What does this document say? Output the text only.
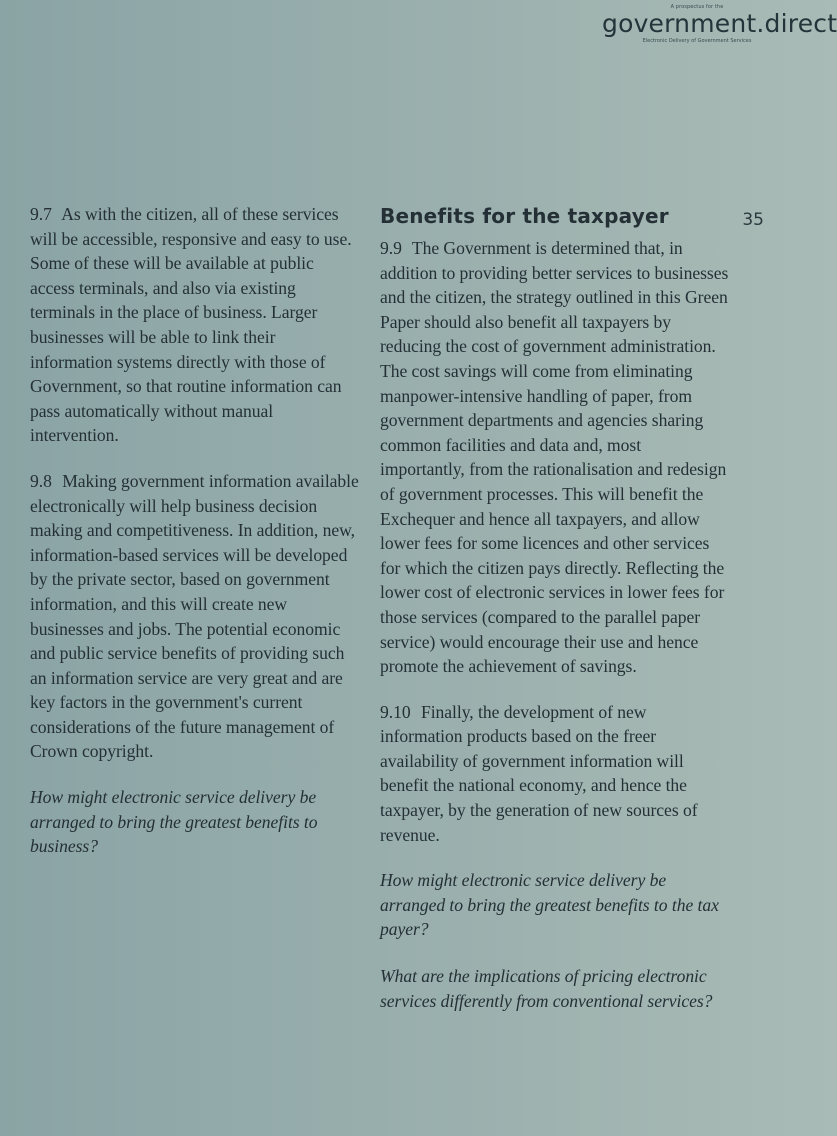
A prospectus for the
government.direct
Electronic Delivery of Government Services
35

9.7 As with the citizen, all of these services will be accessible, responsive and easy to use. Some of these will be available at public access terminals, and also via existing terminals in the place of business. Larger businesses will be able to link their information systems directly with those of Government, so that routine information can pass automatically without manual intervention.

9.8 Making government information available electronically will help business decision making and competitiveness. In addition, new, information-based services will be developed by the private sector, based on government information, and this will create new businesses and jobs. The potential economic and public service benefits of providing such an information service are very great and are key factors in the government's current considerations of the future management of Crown copyright.

How might electronic service delivery be arranged to bring the greatest benefits to business?

Benefits for the taxpayer

9.9 The Government is determined that, in addition to providing better services to businesses and the citizen, the strategy outlined in this Green Paper should also benefit all taxpayers by reducing the cost of government administration. The cost savings will come from eliminating manpower-intensive handling of paper, from government departments and agencies sharing common facilities and data and, most importantly, from the rationalisation and redesign of government processes. This will benefit the Exchequer and hence all taxpayers, and allow lower fees for some licences and other services for which the citizen pays directly. Reflecting the lower cost of electronic services in lower fees for those services (compared to the parallel paper service) would encourage their use and hence promote the achievement of savings.

9.10 Finally, the development of new information products based on the freer availability of government information will benefit the national economy, and hence the taxpayer, by the generation of new sources of revenue.

How might electronic service delivery be arranged to bring the greatest benefits to the tax payer?

What are the implications of pricing electronic services differently from conventional services?
